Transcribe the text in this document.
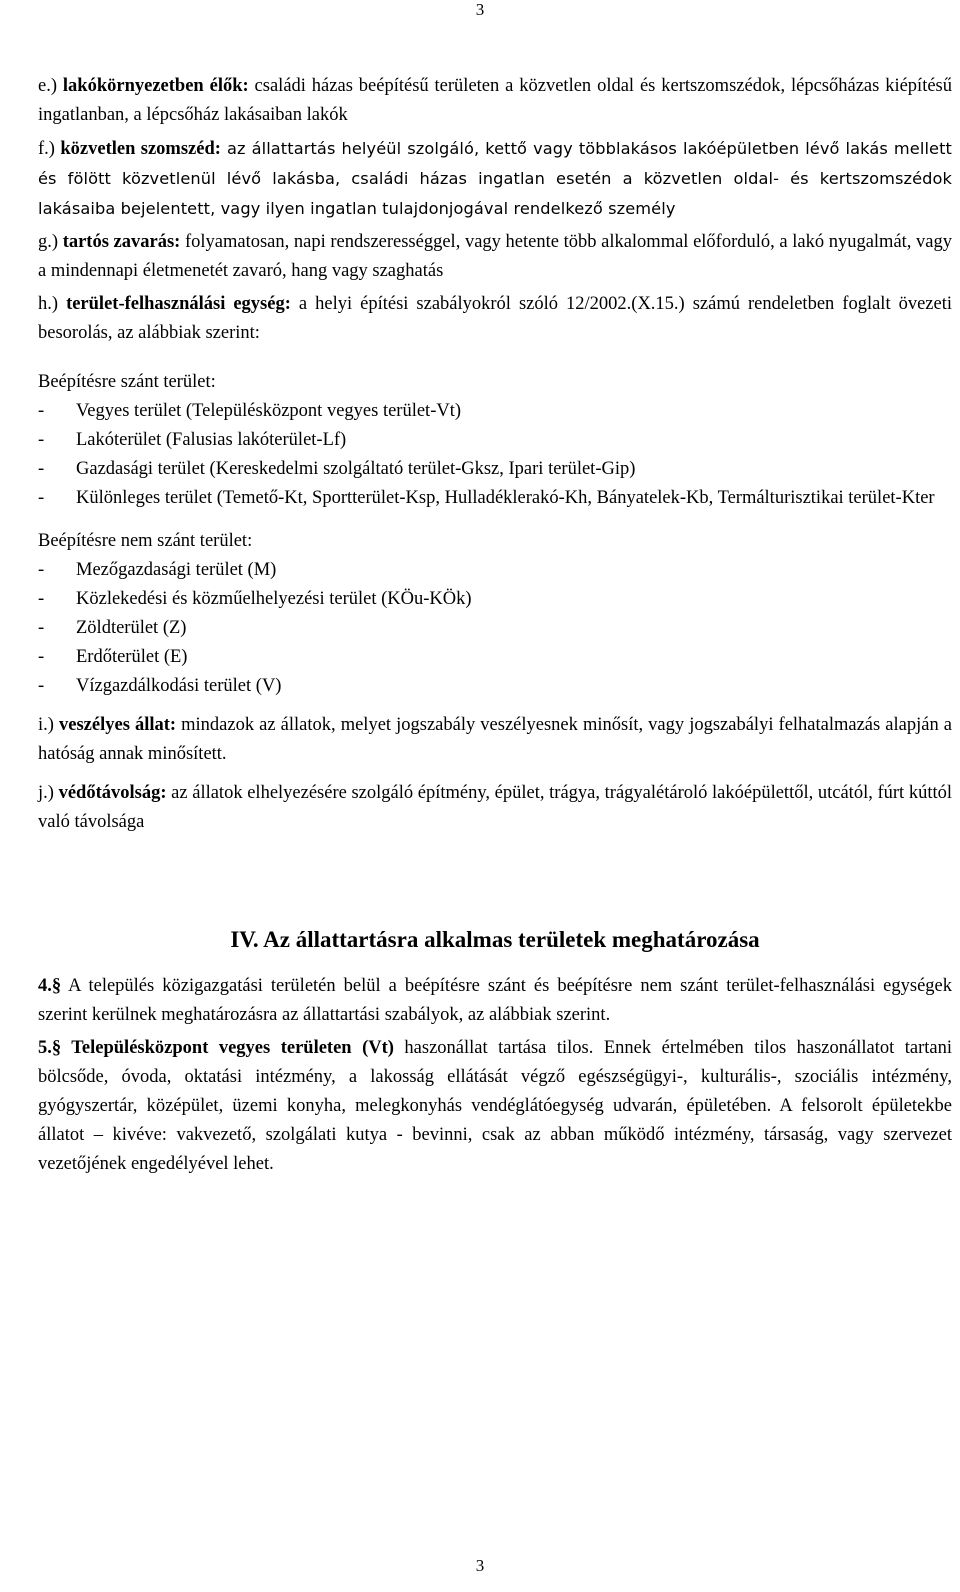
3

e.) lakókörnyezetben élők: családi házas beépítésű területen a közvetlen oldal és kertszomszédok, lépcsőházas kiépítésű ingatlanban, a lépcsőház lakásaiban lakók

f.) közvetlen szomszéd: az állattartás helyéül szolgáló, kettő vagy többlakásos lakóépületben lévő lakás mellett és fölött közvetlenül lévő lakásba, családi házas ingatlan esetén a közvetlen oldal- és kertszomszédok lakásaiba bejelentett, vagy ilyen ingatlan tulajdonjogával rendelkező személy

g.) tartós zavarás: folyamatosan, napi rendszerességgel, vagy hetente több alkalommal előforduló, a lakó nyugalmát, vagy a mindennapi életmenetét zavaró, hang vagy szaghatás

h.) terület-felhasználási egység: a helyi építési szabályokról szóló 12/2002.(X.15.) számú rendeletben foglalt övezeti besorolás, az alábbiak szerint:

Beépítésre szánt terület:
- Vegyes terület (Településközpont vegyes terület-Vt)
- Lakóterület (Falusias lakóterület-Lf)
- Gazdasági terület (Kereskedelmi szolgáltató terület-Gksz, Ipari terület-Gip)
- Különleges terület (Temető-Kt, Sportterület-Ksp, Hulladéklerakó-Kh, Bányatelek-Kb, Termálturisztikai terület-Kter
Beépítésre nem szánt terület:
- Mezőgazdasági terület (M)
- Közlekedési és közműelhelyezési terület (KÖu-KÖk)
- Zöldterület (Z)
- Erdőterület (E)
- Vízgazdálkodási terület (V)

i.) veszélyes állat: mindazok az állatok, melyet jogszabály veszélyesnek minősít, vagy jogszabályi felhatalmazás alapján a hatóság annak minősített.

j.) védőtávolság: az állatok elhelyezésére szolgáló építmény, épület, trágya, trágyalétároló lakóépülettől, utcától, fúrt kúttól való távolsága

IV. Az állattartásra alkalmas területek meghatározása

4.§ A település közigazgatási területén belül a beépítésre szánt és beépítésre nem szánt terület-felhasználási egységek szerint kerülnek meghatározásra az állattartási szabályok, az alábbiak szerint.

5.§ Településközpont vegyes területen (Vt) haszonállat tartása tilos. Ennek értelmében tilos haszonállatot tartani bölcsőde, óvoda, oktatási intézmény, a lakosság ellátását végző egészségügyi-, kulturális-, szociális intézmény, gyógyszertár, középület, üzemi konyha, melegkonyhás vendéglátóegység udvarán, épületében. A felsorolt épületekbe állatot – kivéve: vakvezető, szolgálati kutya - bevinni, csak az abban működő intézmény, társaság, vagy szervezet vezetőjének engedélyével lehet.

3
